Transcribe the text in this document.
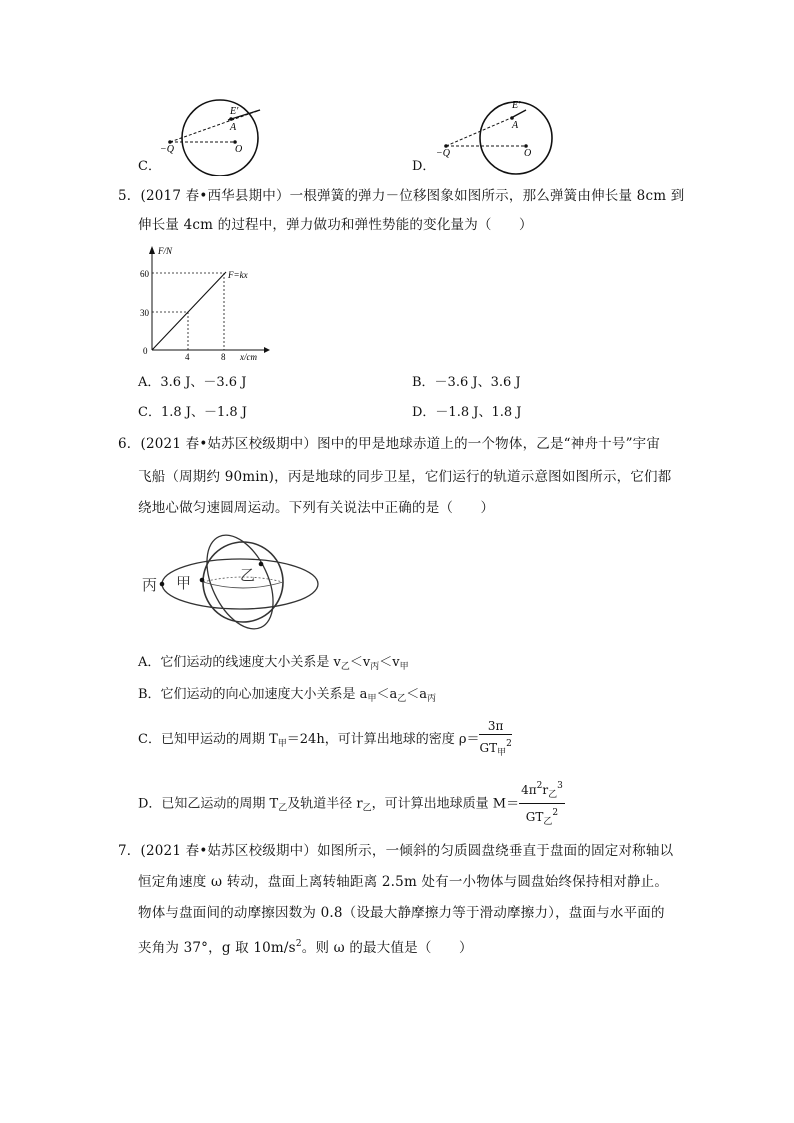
C．
E′
A
−Q	O
D．
E′
A
−Q	O
5．(2017 春•西华县期中）一根弹簧的弹力－位移图象如图所示，那么弹簧由伸长量 8cm 到
伸长量 4cm 的过程中，弹力做功和弹性势能的变化量为（　　）
F/N
x/cm
F=kx
0
30
60
4	8
A．3.6 J、－3.6 J	B．－3.6 J、3.6 J
C．1.8 J、－1.8 J	D．－1.8 J、1.8 J
6．(2021 春•姑苏区校级期中）图中的甲是地球赤道上的一个物体，乙是“神舟十号”宇宙
飞船（周期约 90min)，丙是地球的同步卫星，它们运行的轨道示意图如图所示，它们都
绕地心做匀速圆周运动。下列有关说法中正确的是（　　）
丙 甲	乙
A．它们运动的线速度大小关系是 $v_乙<v_丙<v_甲$
B．它们运动的向心加速度大小关系是 $a_甲<a_乙<a_丙$
C．已知甲运动的周期 $T_甲=24h$，可计算出地球的密度 $\rho= \frac{3\pi}{GT_甲^2}$
D．已知乙运动的周期 $T_乙$及轨道半径 $r_乙$，可计算出地球质量 $M= \frac{4\pi^2r_乙^3}{GT_乙^2}$
7．(2021 春•姑苏区校级期中）如图所示，一倾斜的匀质圆盘绕垂直于盘面的固定对称轴以
恒定角速度 ω 转动，盘面上离转轴距离 2.5m 处有一小物体与圆盘始终保持相对静止。
物体与盘面间的动摩擦因数为 0.8（设最大静摩擦力等于滑动摩擦力），盘面与水平面的
夹角为 37°，g 取 $10m/s^2$。则 ω 的最大值是（　　）
